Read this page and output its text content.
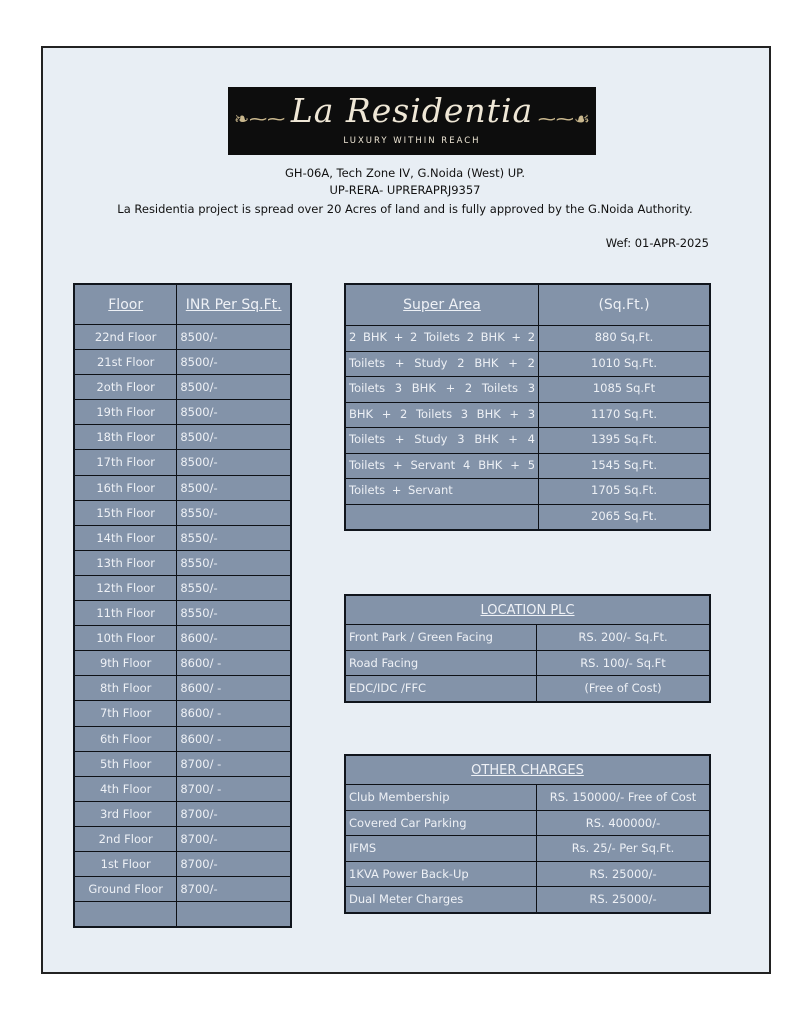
❧⁓⁓ La Residentia ⁓⁓☙
LUXURY WITHIN REACH
GH-06A, Tech Zone IV, G.Noida (West) UP.
UP-RERA- UPRERAPRJ9357
La Residentia project is spread over 20 Acres of land and is fully approved by the G.Noida Authority.
Wef: 01-APR-2025
Floor	INR Per Sq.Ft.
22nd Floor	8500/-
21st Floor	8500/-
2oth Floor	8500/-
19th Floor	8500/-
18th Floor	8500/-
17th Floor	8500/-
16th Floor	8500/-
15th Floor	8550/-
14th Floor	8550/-
13th Floor	8550/-
12th Floor	8550/-
11th Floor	8550/-
10th Floor	8600/-
9th Floor	8600/ -
8th Floor	8600/ -
7th Floor	8600/ -
6th Floor	8600/ -
5th Floor	8700/ -
4th Floor	8700/ -
3rd Floor	8700/-
2nd Floor	8700/-
1st Floor	8700/-
Ground Floor	8700/-

Super Area	(Sq.Ft.)
2 BHK + 2 Toilets 2 BHK + 2	880 Sq.Ft.
Toilets + Study 2 BHK + 2	1010 Sq.Ft.
Toilets 3 BHK + 2 Toilets 3	1085 Sq.Ft
BHK + 2 Toilets 3 BHK + 3	1170 Sq.Ft.
Toilets + Study 3 BHK + 4	1395 Sq.Ft.
Toilets + Servant 4 BHK + 5	1545 Sq.Ft.
Toilets + Servant	1705 Sq.Ft.
	2065 Sq.Ft.
LOCATION PLC	
Front Park / Green Facing	RS. 200/- Sq.Ft.
Road Facing	RS. 100/- Sq.Ft
EDC/IDC /FFC	(Free of Cost)
OTHER CHARGES	
Club Membership	RS. 150000/- Free of Cost
Covered Car Parking	RS. 400000/-
IFMS	Rs. 25/- Per Sq.Ft.
1KVA Power Back-Up	RS. 25000/-
Dual Meter Charges	RS. 25000/-
